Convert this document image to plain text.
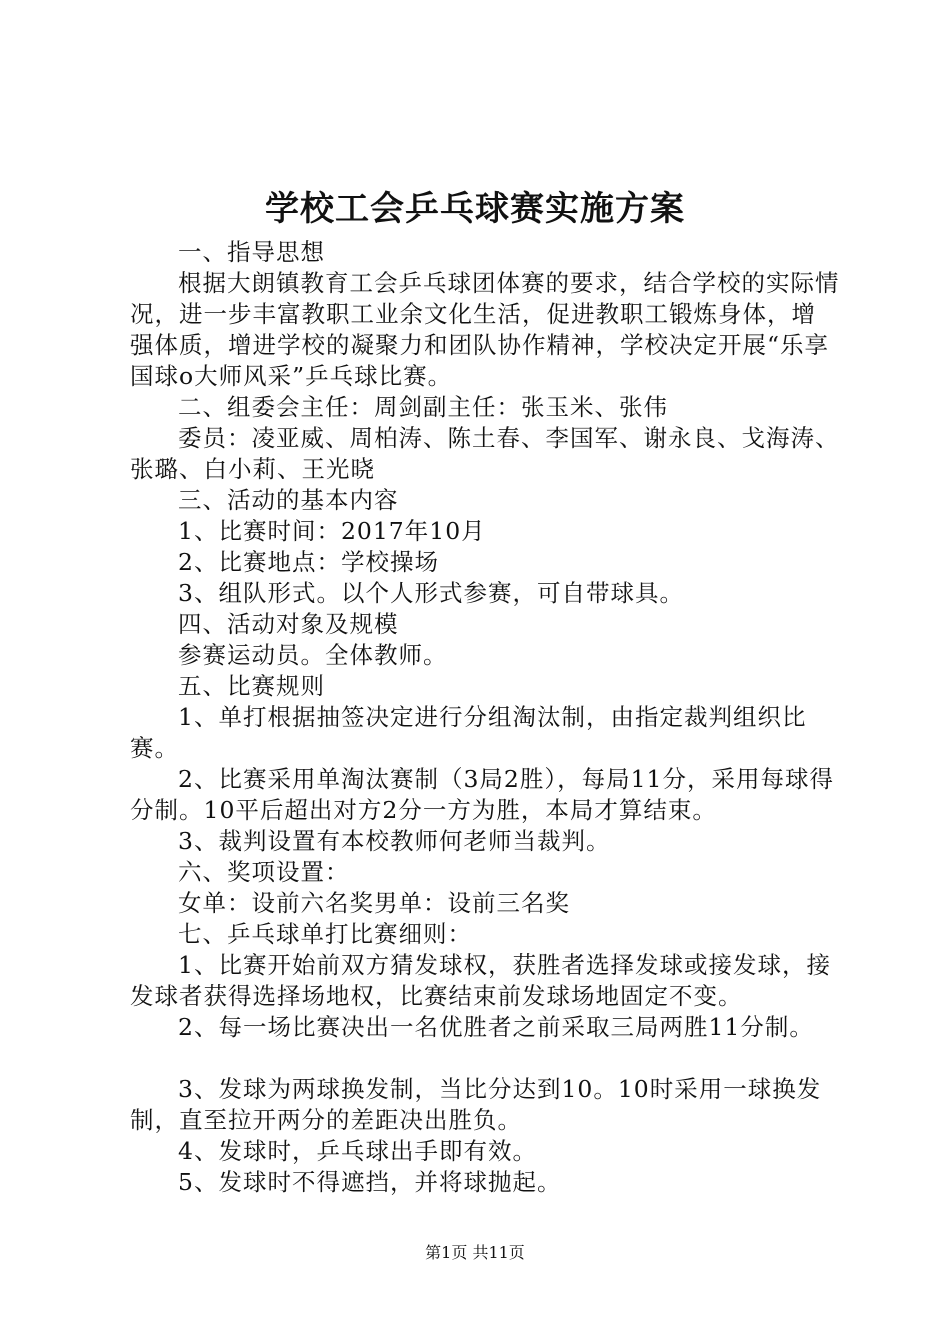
学校工会乒乓球赛实施方案

一、指导思想

根据大朗镇教育工会乒乓球团体赛的要求，结合学校的实际情况，进一步丰富教职工业余文化生活，促进教职工锻炼身体，增强体质，增进学校的凝聚力和团队协作精神，学校决定开展“乐享国球o大师风采”乒乓球比赛。

二、组委会主任：周剑副主任：张玉米、张伟

委员：凌亚威、周柏涛、陈土春、李国军、谢永良、戈海涛、张璐、白小莉、王光晓

三、活动的基本内容

1、比赛时间：2017年10月

2、比赛地点：学校操场

3、组队形式。以个人形式参赛，可自带球具。

四、活动对象及规模

参赛运动员。全体教师。

五、比赛规则

1、单打根据抽签决定进行分组淘汰制，由指定裁判组织比赛。

2、比赛采用单淘汰赛制（3局2胜），每局11分，采用每球得分制。10平后超出对方2分一方为胜，本局才算结束。

3、裁判设置有本校教师何老师当裁判。

六、奖项设置：

女单：设前六名奖男单：设前三名奖

七、乒乓球单打比赛细则：

1、比赛开始前双方猜发球权，获胜者选择发球或接发球，接发球者获得选择场地权，比赛结束前发球场地固定不变。

2、每一场比赛决出一名优胜者之前采取三局两胜11分制。

3、发球为两球换发制，当比分达到10。10时采用一球换发制，直至拉开两分的差距决出胜负。

4、发球时，乒乓球出手即有效。

5、发球时不得遮挡，并将球抛起。

第1页 共11页
